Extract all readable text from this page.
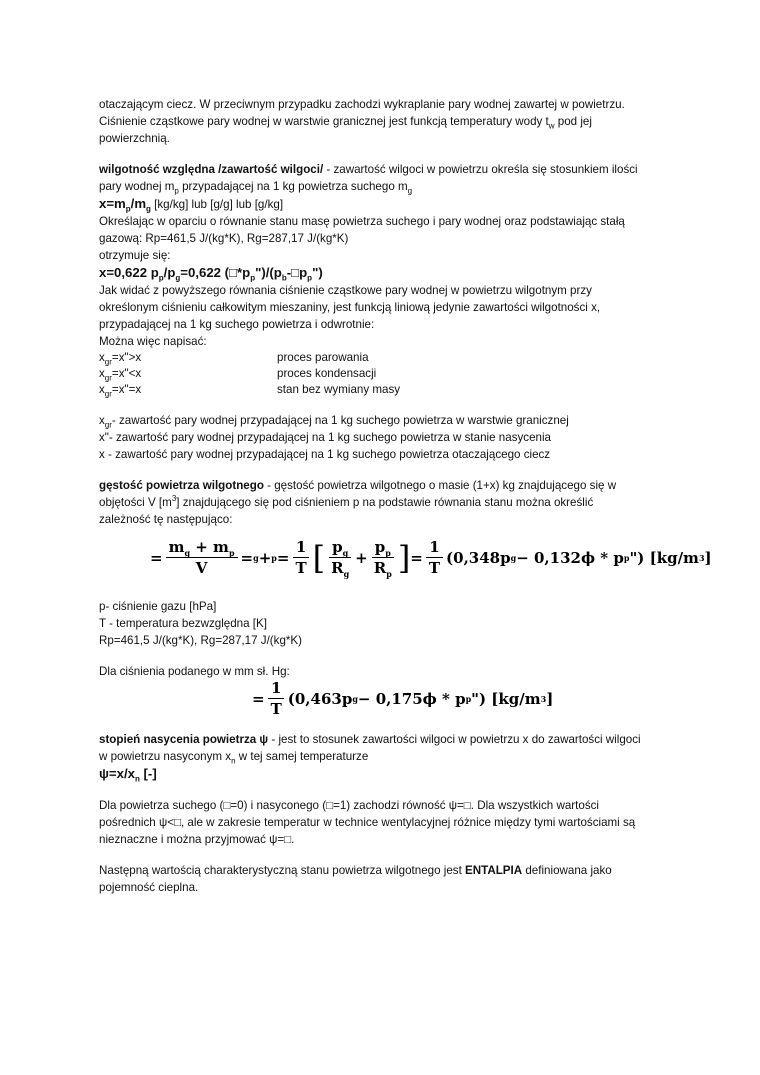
otaczającym ciecz. W przeciwnym przypadku zachodzi wykraplanie pary wodnej zawartej w powietrzu.

Ciśnienie cząstkowe pary wodnej w warstwie granicznej jest funkcją temperatury wody $t_w$ pod jej

powierzchnią.

wilgotność względna /zawartość wilgoci/ - zawartość wilgoci w powietrzu określa się stosunkiem ilości

pary wodnej $m_p$ przypadającej na 1 kg powietrza suchego $m_g$

$x=m_p/m_g$ [kg/kg] lub [g/g] lub [g/kg]

Określając w oparciu o równanie stanu masę powietrza suchego i pary wodnej oraz podstawiając stałą

gazową: Rp=461,5 J/(kg*K), Rg=287,17 J/(kg*K)

otrzymuje się:

x=0,622 $p_p/p_g=0,622$ $(□*p_p")/(p_b-□p_p")$

Jak widać z powyższego równania ciśnienie cząstkowe pary wodnej w powietrzu wilgotnym przy

określonym ciśnieniu całkowitym mieszaniny, jest funkcją liniową jedynie zawartości wilgotności x,

przypadającej na 1 kg suchego powietrza i odwrotnie:

Można więc napisać:

$x_{gr}=x">x$	proces parowania
$x_{gr}=x"<x$	proces kondensacji
$x_{gr}=x"=x$	stan bez wymiany masy

$x_{gr}-$ zawartość pary wodnej przypadającej na 1 kg suchego powietrza w warstwie granicznej

x"- zawartość pary wodnej przypadającej na 1 kg suchego powietrza w stanie nasycenia

x - zawartość pary wodnej przypadającej na 1 kg suchego powietrza otaczającego ciecz

gęstość powietrza wilgotnego - gęstość powietrza wilgotnego o masie (1+x) kg znajdującego się w

objętości V $[m^3]$ znajdującego się pod ciśnieniem p na podstawie równania stanu można określić

zależność tę następująco:

= $\frac{m_g + m_p}{V} = g + p = \frac{1}{T}$ [ $\frac{p_g}{R_g} + \frac{p_p}{R_p}$ ] = $\frac{1}{T} (0,348p$ g − 0,132ϕ * p p ") [kg/m 3 ]

p- ciśnienie gazu [hPa]

T - temperatura bezwzględna [K]

Rp=461,5 J/(kg*K), Rg=287,17 J/(kg*K)

Dla ciśnienia podanego w mm sł. Hg:

= $\frac{1}{T} (0,463p$ g − 0,175ϕ * p p ") [kg/m 3 ]

stopień nasycenia powietrza ψ - jest to stosunek zawartości wilgoci w powietrzu x do zawartości wilgoci

w powietrzu nasyconym $x_n$ w tej samej temperaturze

$\psi=x/x_n$ [-]

Dla powietrza suchego (□=0) i nasyconego (□=1) zachodzi równość ψ=□. Dla wszystkich wartości

pośrednich ψ<□, ale w zakresie temperatur w technice wentylacyjnej różnice między tymi wartościami są

nieznaczne i można przyjmować ψ=□.

Następną wartością charakterystyczną stanu powietrza wilgotnego jest ENTALPIA definiowana jako

pojemność cieplna.
